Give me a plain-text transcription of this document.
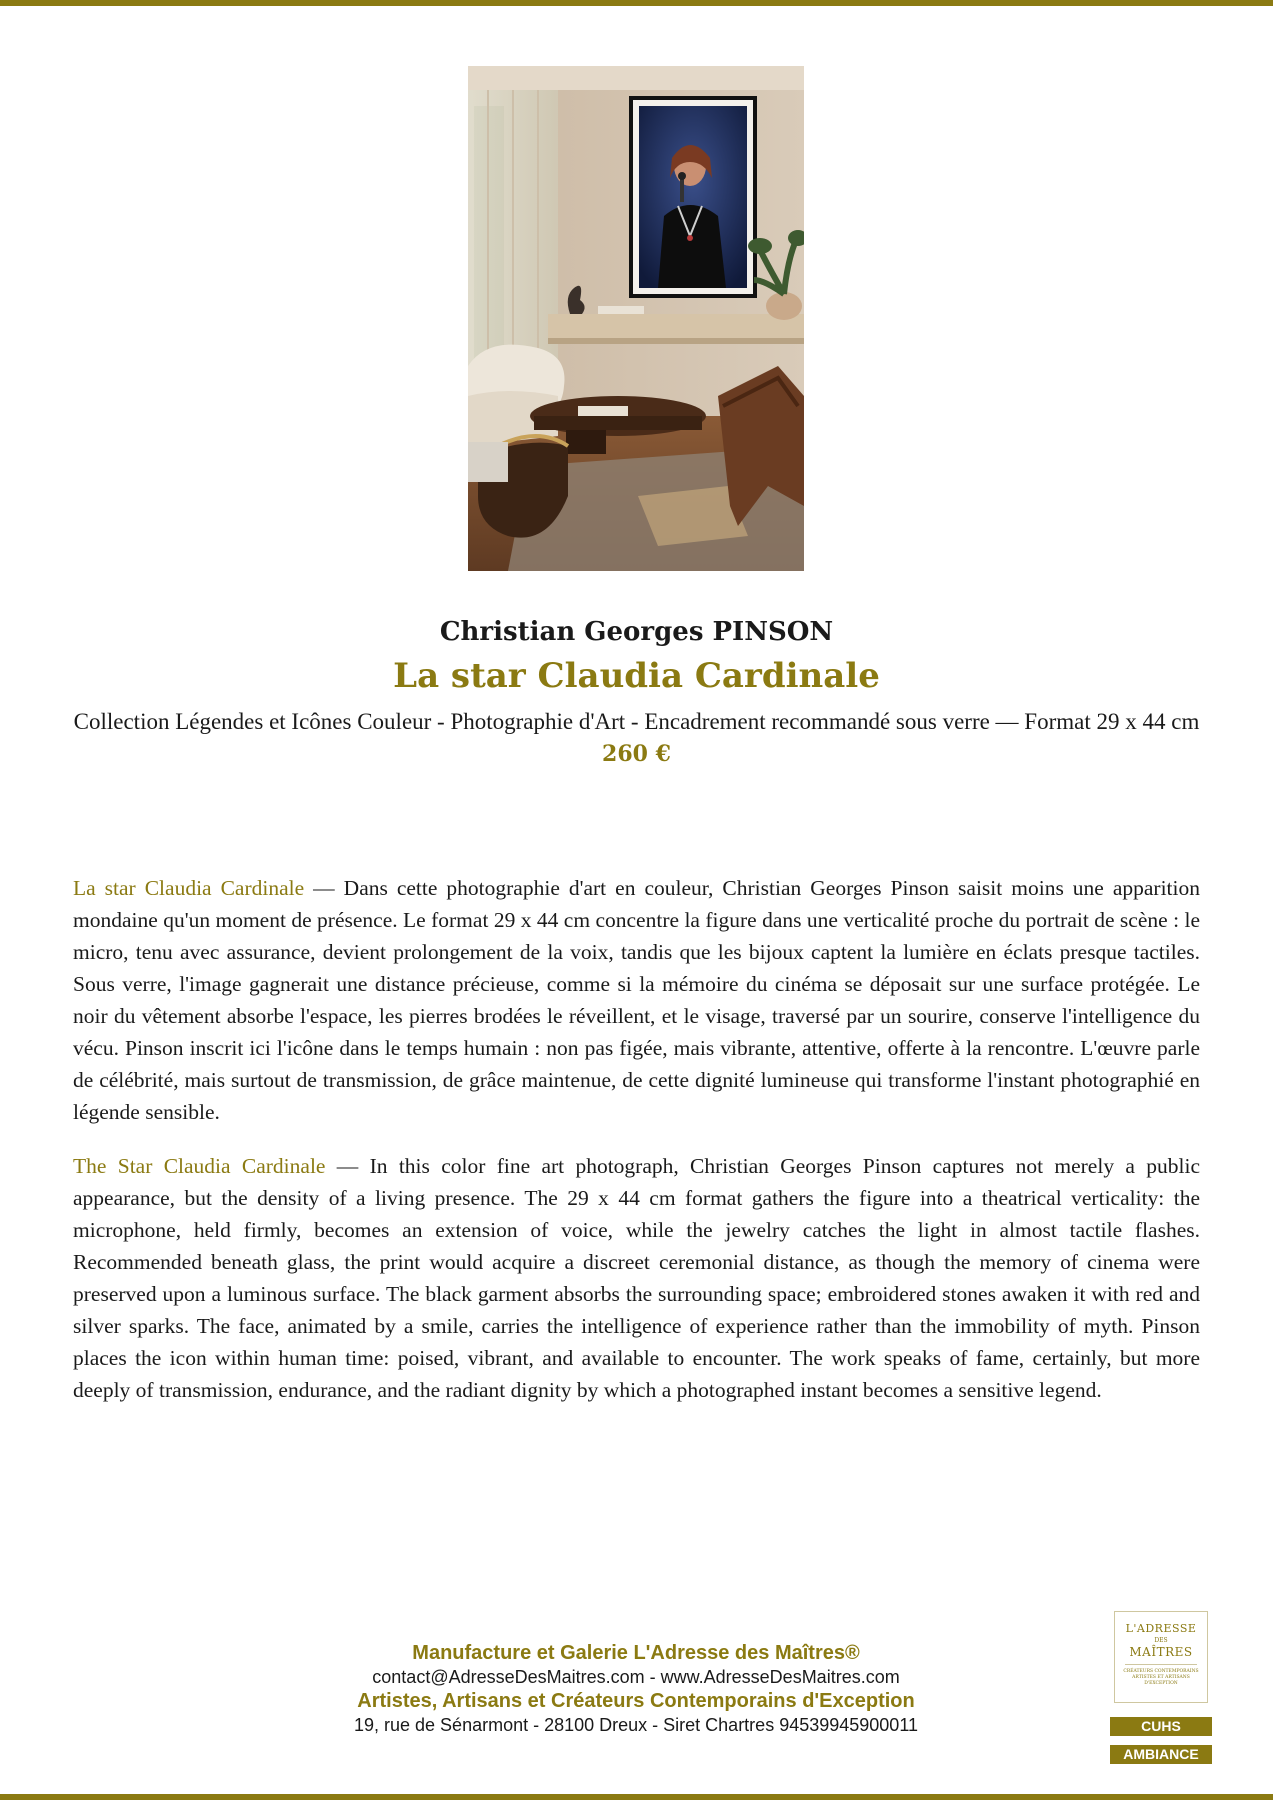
Christian Georges PINSON

La star Claudia Cardinale

Collection Légendes et Icônes Couleur - Photographie d'Art - Encadrement recommandé sous verre — Format 29 x 44 cm

260 €

La star Claudia Cardinale — Dans cette photographie d'art en couleur, Christian Georges Pinson saisit moins une apparition mondaine qu'un moment de présence. Le format 29 x 44 cm concentre la figure dans une verticalité proche du portrait de scène : le micro, tenu avec assurance, devient prolongement de la voix, tandis que les bijoux captent la lumière en éclats presque tactiles. Sous verre, l'image gagnerait une distance précieuse, comme si la mémoire du cinéma se déposait sur une surface protégée. Le noir du vêtement absorbe l'espace, les pierres brodées le réveillent, et le visage, traversé par un sourire, conserve l'intelligence du vécu. Pinson inscrit ici l'icône dans le temps humain : non pas figée, mais vibrante, attentive, offerte à la rencontre. L'œuvre parle de célébrité, mais surtout de transmission, de grâce maintenue, de cette dignité lumineuse qui transforme l'instant photographié en légende sensible.

The Star Claudia Cardinale — In this color fine art photograph, Christian Georges Pinson captures not merely a public appearance, but the density of a living presence. The 29 x 44 cm format gathers the figure into a theatrical verticality: the microphone, held firmly, becomes an extension of voice, while the jewelry catches the light in almost tactile flashes. Recommended beneath glass, the print would acquire a discreet ceremonial distance, as though the memory of cinema were preserved upon a luminous surface. The black garment absorbs the surrounding space; embroidered stones awaken it with red and silver sparks. The face, animated by a smile, carries the intelligence of experience rather than the immobility of myth. Pinson places the icon within human time: poised, vibrant, and available to encounter. The work speaks of fame, certainly, but more deeply of transmission, endurance, and the radiant dignity by which a photographed instant becomes a sensitive legend.

Manufacture et Galerie L'Adresse des Maîtres®
contact@AdresseDesMaitres.com - www.AdresseDesMaitres.com
Artistes, Artisans et Créateurs Contemporains d'Exception
19, rue de Sénarmont - 28100 Dreux - Siret Chartres 94539945900011
L'ADRESSE
DES
MAÎTRES
CRÉATEURS CONTEMPORAINS ARTISTES ET ARTISANS D'EXCEPTION
CUHS
AMBIANCE
